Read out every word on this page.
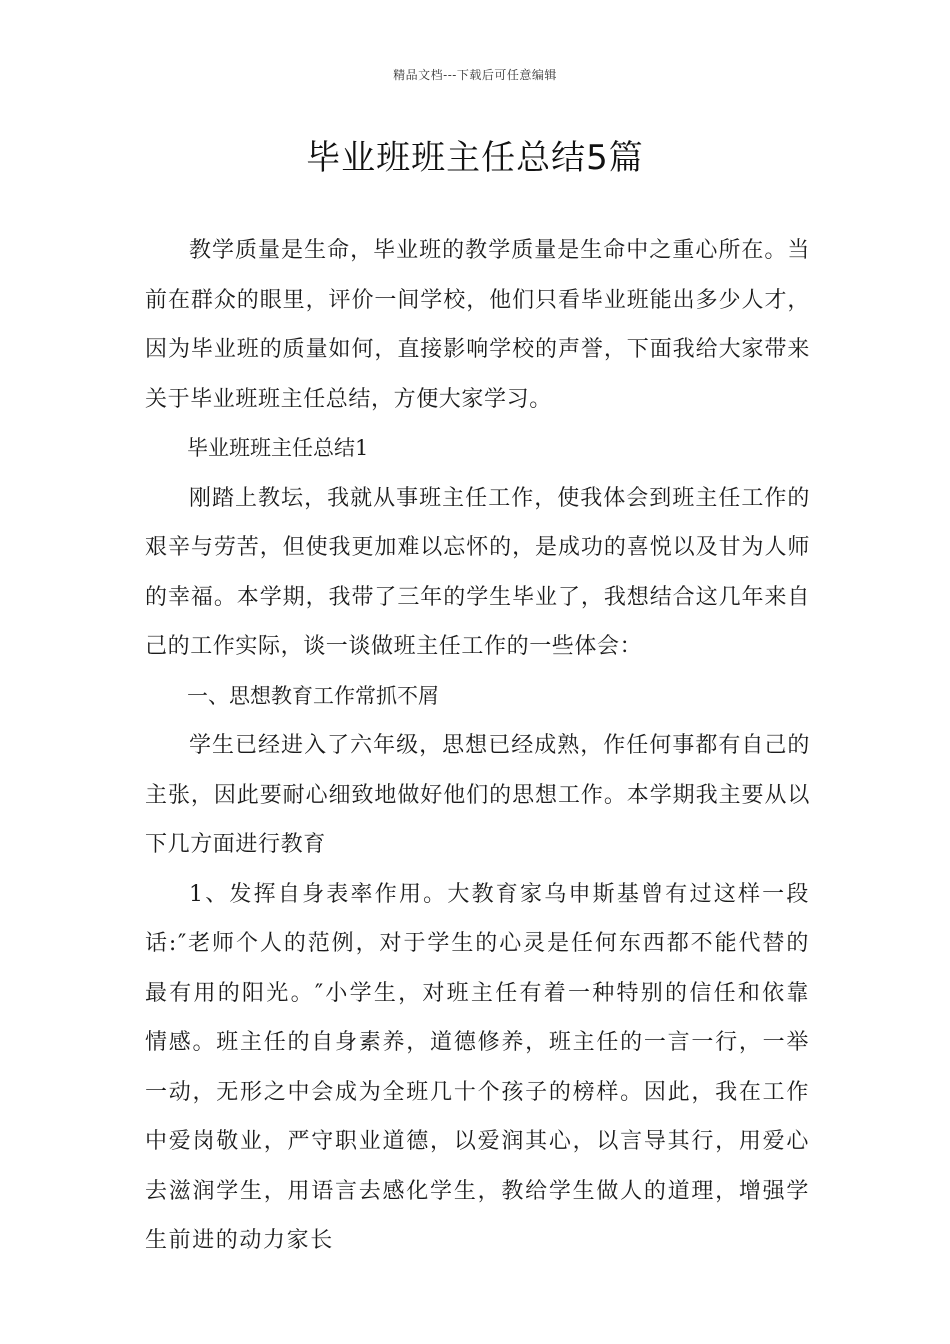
精品文档---下载后可任意编辑
毕业班班主任总结5篇

教学质量是生命，毕业班的教学质量是生命中之重心所在。当前在群众的眼里，评价一间学校，他们只看毕业班能出多少人才，因为毕业班的质量如何，直接影响学校的声誉，下面我给大家带来关于毕业班班主任总结，方便大家学习。

毕业班班主任总结1

刚踏上教坛，我就从事班主任工作，使我体会到班主任工作的艰辛与劳苦，但使我更加难以忘怀的，是成功的喜悦以及甘为人师的幸福。本学期，我带了三年的学生毕业了，我想结合这几年来自己的工作实际，谈一谈做班主任工作的一些体会：

一、思想教育工作常抓不屑

学生已经进入了六年级，思想已经成熟，作任何事都有自己的主张，因此要耐心细致地做好他们的思想工作。本学期我主要从以下几方面进行教育

1、发挥自身表率作用。大教育家乌申斯基曾有过这样一段话:″老师个人的范例，对于学生的心灵是任何东西都不能代替的最有用的阳光。″小学生，对班主任有着一种特别的信任和依靠情感。班主任的自身素养，道德修养，班主任的一言一行，一举一动，无形之中会成为全班几十个孩子的榜样。因此，我在工作中爱岗敬业，严守职业道德，以爱润其心，以言导其行，用爱心去滋润学生，用语言去感化学生，教给学生做人的道理，增强学生前进的动力家长
